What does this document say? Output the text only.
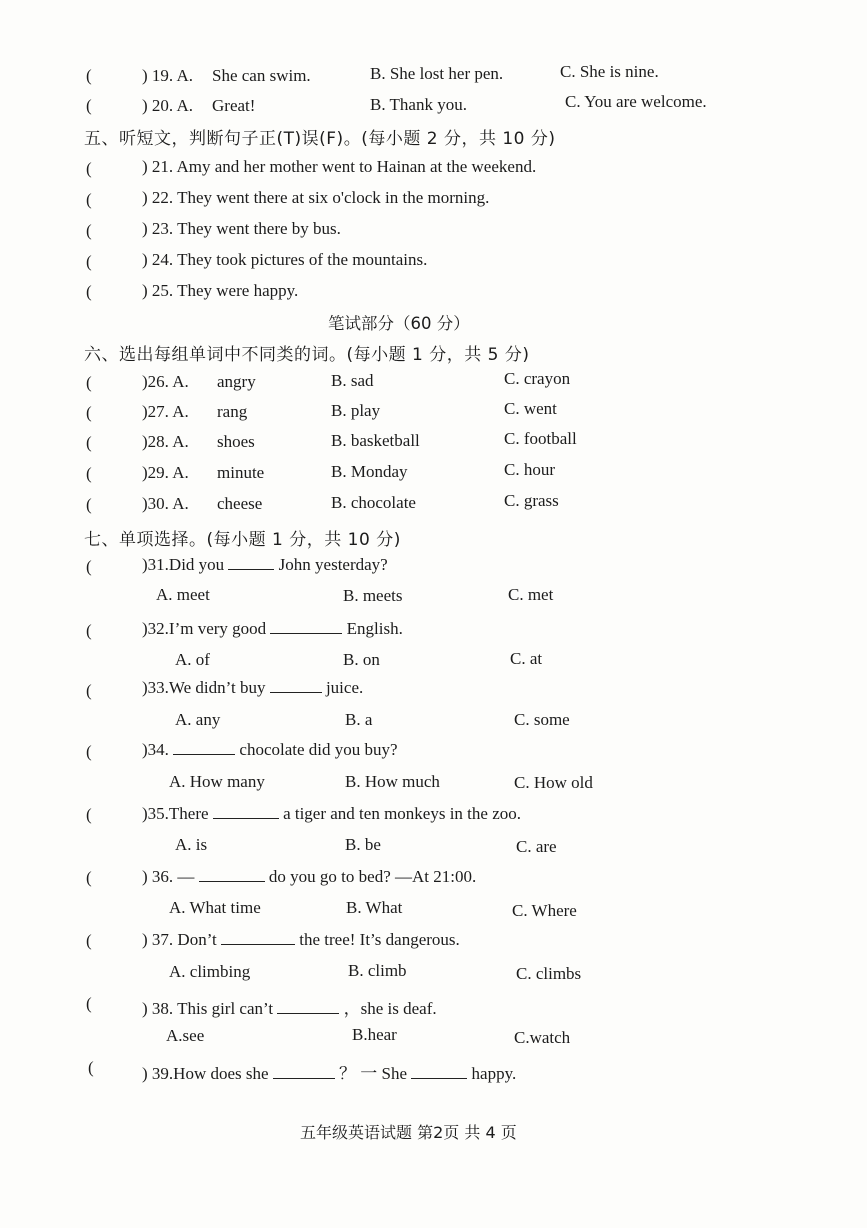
(	) 19. A. She can swim.	B. She lost her pen.	C. She is nine.
(	) 20. A. Great!	B. Thank you.	C. You are welcome.
五、听短文，判断句子正(T)误(F)。(每小题 2 分，共 10 分)
(	) 21. Amy and her mother went to Hainan at the weekend.
(	) 22. They went there at six o'clock in the morning.
(	) 23. They went there by bus.
(	) 24. They took pictures of the mountains.
(	) 25. They were happy.
笔试部分（60 分）
六、选出每组单词中不同类的词。(每小题 1 分，共 5 分)
(	)26. A. angry	B. sad	C. crayon
(	)27. A. rang	B. play	C. went
(	)28. A. shoes	B. basketball	C. football
(	)29. A. minute	B. Monday	C. hour
(	)30. A. cheese	B. chocolate	C. grass
七、单项选择。(每小题 1 分，共 10 分)
(	)31.Did you	John yesterday?
A. meet	B. meets	C. met
(	)32.I’m very good	English.
A. of	B. on	C. at
(	)33.We didn’t buy	juice.
A. any	B. a	C. some
(	)34.	chocolate did you buy?
A. How many	B. How much	C. How old
(	)35.There	a tiger and ten monkeys in the zoo.
A. is	B. be	C. are
(	) 36. —	do you go to bed? —At 21:00.
A. What time	B. What	C. Where
(	) 37. Don’t	the tree! It’s dangerous.
A. climbing	B. climb	C. climbs
(	) 38. This girl can’t	，she is deaf.
A.see	B.hear	C.watch
(	) 39.How does she	？ 一 She	happy.
五年级英语试题 第2页 共 4 页
